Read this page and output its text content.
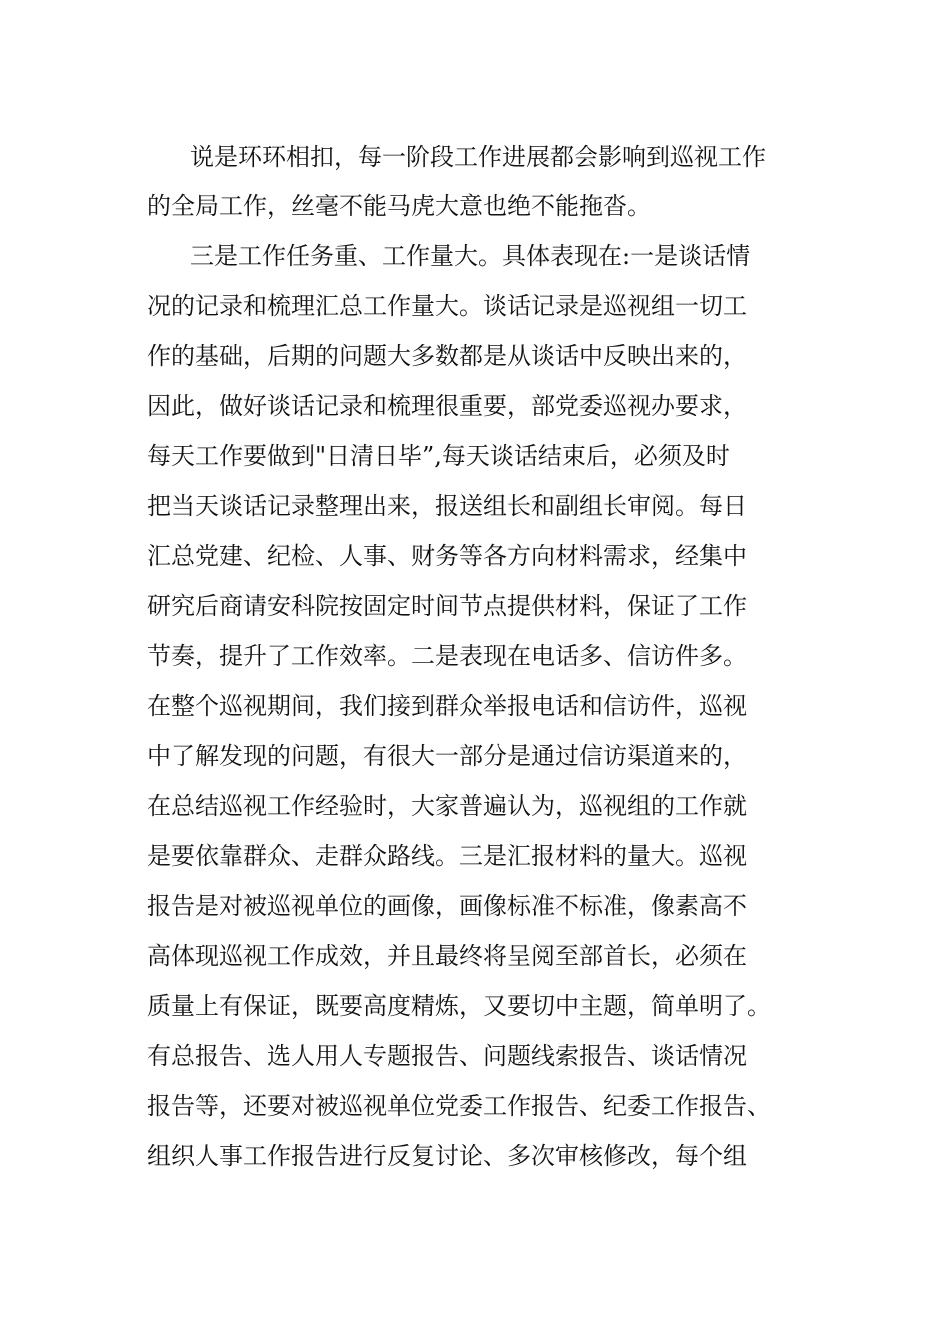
说是环环相扣，每一阶段工作进展都会影响到巡视工作
的全局工作，丝毫不能马虎大意也绝不能拖沓。
三是工作任务重、工作量大。具体表现在:一是谈话情
况的记录和梳理汇总工作量大。谈话记录是巡视组一切工
作的基础，后期的问题大多数都是从谈话中反映出来的，
因此，做好谈话记录和梳理很重要，部党委巡视办要求，
每天工作要做到"日清日毕”,每天谈话结束后，必须及时
把当天谈话记录整理出来，报送组长和副组长审阅。每日
汇总党建、纪检、人事、财务等各方向材料需求，经集中
研究后商请安科院按固定时间节点提供材料，保证了工作
节奏，提升了工作效率。二是表现在电话多、信访件多。
在整个巡视期间，我们接到群众举报电话和信访件，巡视
中了解发现的问题，有很大一部分是通过信访渠道来的，
在总结巡视工作经验时，大家普遍认为，巡视组的工作就
是要依靠群众、走群众路线。三是汇报材料的量大。巡视
报告是对被巡视单位的画像，画像标准不标准，像素高不
高体现巡视工作成效，并且最终将呈阅至部首长，必须在
质量上有保证，既要高度精炼，又要切中主题，简单明了。
有总报告、选人用人专题报告、问题线索报告、谈话情况
报告等，还要对被巡视单位党委工作报告、纪委工作报告、
组织人事工作报告进行反复讨论、多次审核修改，每个组
